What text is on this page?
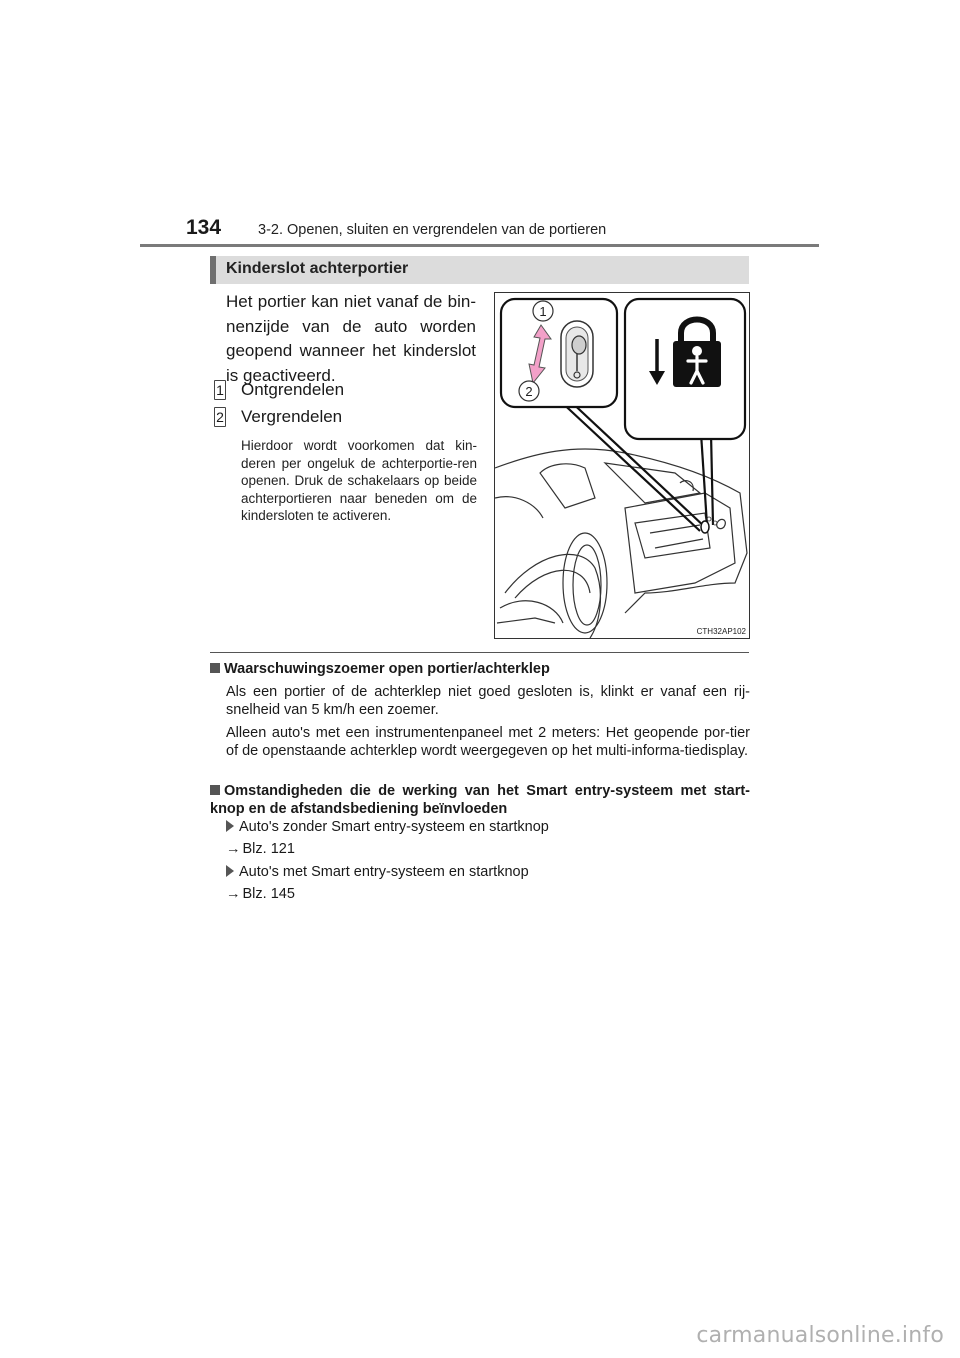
134	3-2. Openen, sluiten en vergrendelen van de portieren
Kinderslot achterportier
Het portier kan niet vanaf de bin-nenzijde van de auto worden geopend wanneer het kinderslot is geactiveerd.
1 Ontgrendelen
2 Vergrendelen
Hierdoor wordt voorkomen dat kin-deren per ongeluk de achterportie-ren openen. Druk de schakelaars op beide achterportieren naar beneden om de kindersloten te activeren.
1
2
CTH32AP102
Waarschuwingszoemer open portier/achterklep
Als een portier of de achterklep niet goed gesloten is, klinkt er vanaf een rij-snelheid van 5 km/h een zoemer.
Alleen auto's met een instrumentenpaneel met 2 meters: Het geopende por-tier of de openstaande achterklep wordt weergegeven op het multi-informa-tiedisplay.
Omstandigheden die de werking van het Smart entry-systeem met start-knop en de afstandsbediening beïnvloeden
Auto's zonder Smart entry-systeem en startknop
→ Blz. 121
Auto's met Smart entry-systeem en startknop
→ Blz. 145
carmanualsonline.info
